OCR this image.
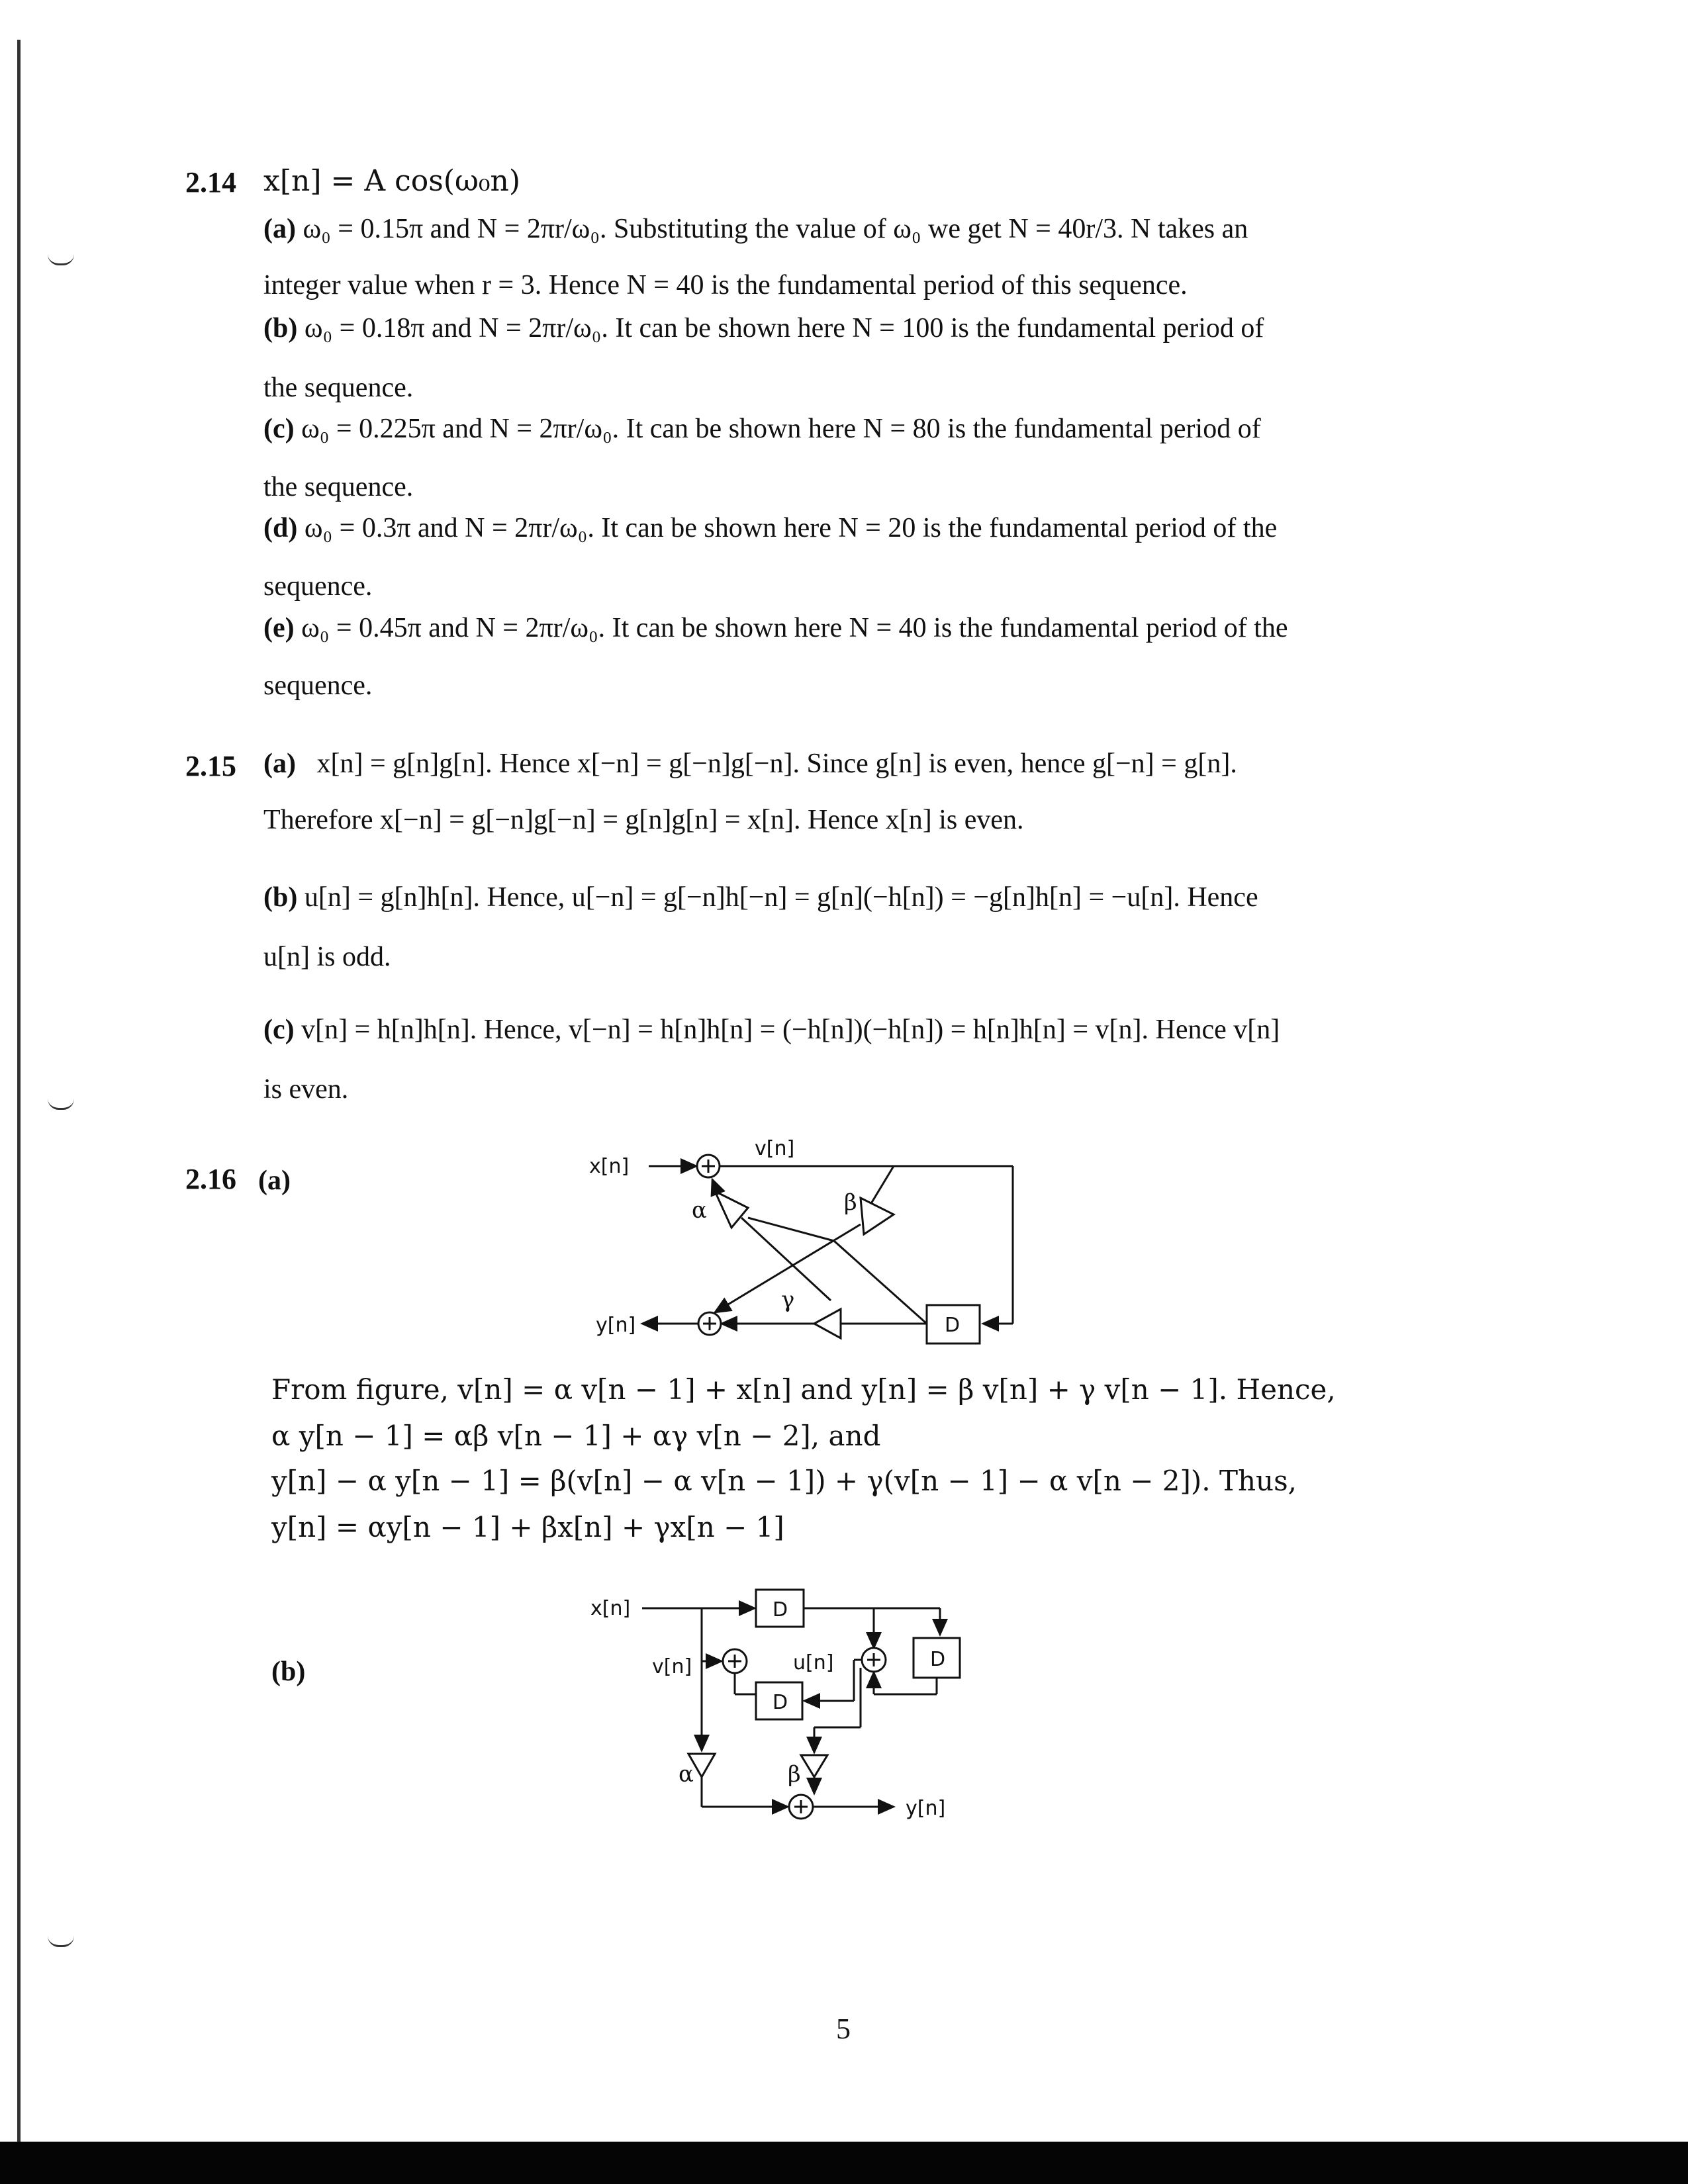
2.14 x[n] = A cos(ω₀n)
(a) ω₀ = 0.15π and N = 2πr/ω₀. Substituting the value of ω₀ we get N = 40r/3. N takes an
integer value when r = 3. Hence N = 40 is the fundamental period of this sequence.
(b) ω₀ = 0.18π and N = 2πr/ω₀. It can be shown here N = 100 is the fundamental period of
the sequence.
(c) ω₀ = 0.225π and N = 2πr/ω₀. It can be shown here N = 80 is the fundamental period of
the sequence.
(d) ω₀ = 0.3π and N = 2πr/ω₀. It can be shown here N = 20 is the fundamental period of the
sequence.
(e) ω₀ = 0.45π and N = 2πr/ω₀. It can be shown here N = 40 is the fundamental period of the
sequence.
2.15 (a) x[n] = g[n]g[n]. Hence x[−n] = g[−n]g[−n]. Since g[n] is even, hence g[−n] = g[n].
Therefore x[−n] = g[−n]g[−n] = g[n]g[n] = x[n]. Hence x[n] is even.
(b) u[n] = g[n]h[n]. Hence, u[−n] = g[−n]h[−n] = g[n](−h[n]) = −g[n]h[n] = −u[n]. Hence
u[n] is odd.
(c) v[n] = h[n]h[n]. Hence, v[−n] = h[n]h[n] = (−h[n])(−h[n]) = h[n]h[n] = v[n]. Hence v[n]
is even.
2.16 (a)	x[n]
v[n]
y[n]
α	β
γ
D
From figure, v[n] = α v[n − 1] + x[n] and y[n] = β v[n] + γ v[n − 1]. Hence,
α y[n − 1] = αβ v[n − 1] + αγ v[n − 2], and
y[n] − α y[n − 1] = β(v[n] − α v[n − 1]) + γ(v[n − 1] − α v[n − 2]). Thus,
y[n] = αy[n − 1] + βx[n] + γx[n − 1]
(b)
x[n]
v[n]	u[n]
y[n]
α	β
D
D
D
5
